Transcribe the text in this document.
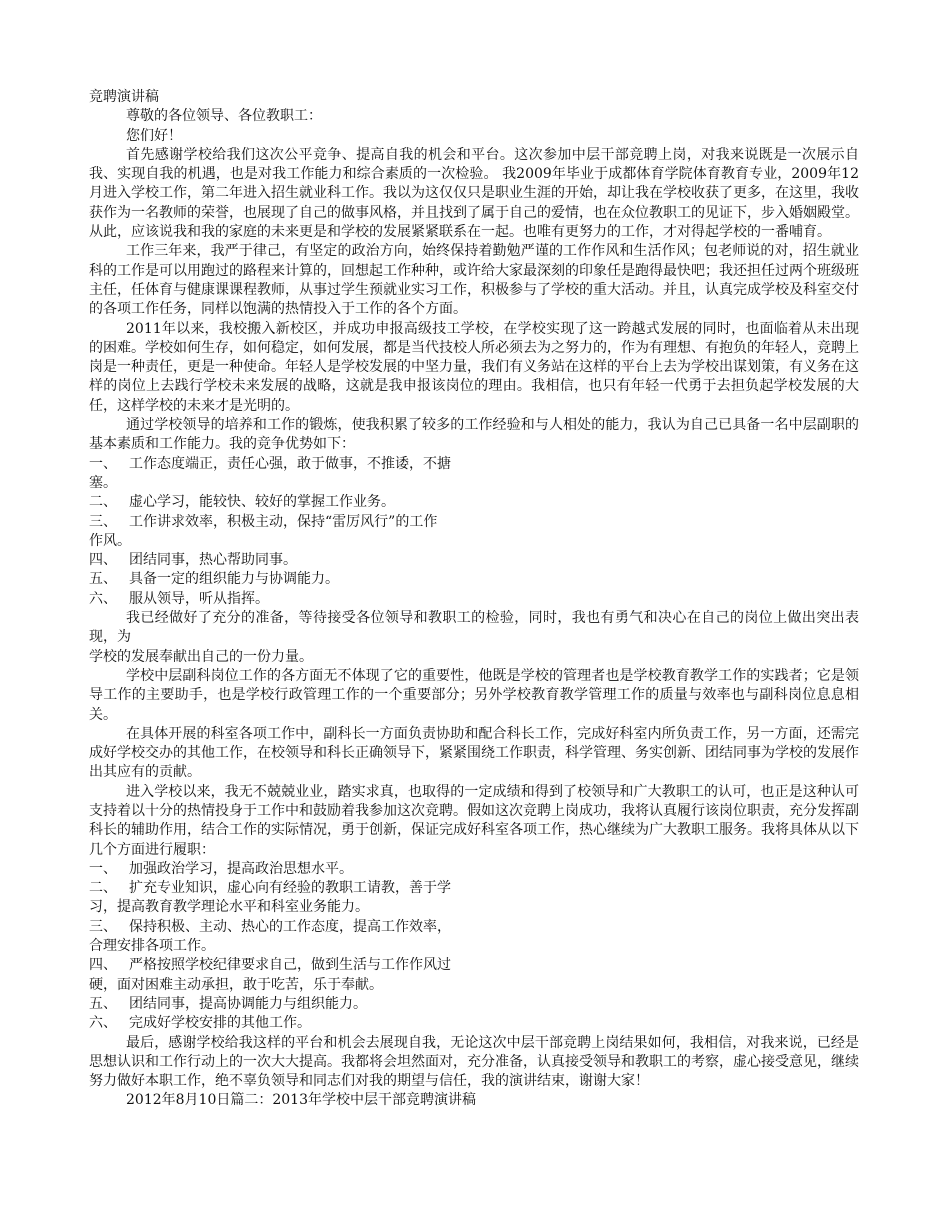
竞聘演讲稿

尊敬的各位领导、各位教职工：

您们好！

首先感谢学校给我们这次公平竞争、提高自我的机会和平台。这次参加中层干部竞聘上岗，对我来说既是一次展示自我、实现自我的机遇，也是对我工作能力和综合素质的一次检验。 我2009年毕业于成都体育学院体育教育专业，2009年12月进入学校工作，第二年进入招生就业科工作。我以为这仅仅只是职业生涯的开始，却让我在学校收获了更多，在这里，我收获作为一名教师的荣誉，也展现了自己的做事风格，并且找到了属于自己的爱情，也在众位教职工的见证下，步入婚姻殿堂。从此，应该说我和我的家庭的未来更是和学校的发展紧紧联系在一起。也唯有更努力的工作，才对得起学校的一番哺育。

工作三年来，我严于律己，有坚定的政治方向，始终保持着勤勉严谨的工作作风和生活作风；包老师说的对，招生就业科的工作是可以用跑过的路程来计算的，回想起工作种种，或许给大家最深刻的印象任是跑得最快吧；我还担任过两个班级班主任，任体育与健康课课程教师，从事过学生预就业实习工作，积极参与了学校的重大活动。并且，认真完成学校及科室交付的各项工作任务，同样以饱满的热情投入于工作的各个方面。

2011年以来，我校搬入新校区，并成功申报高级技工学校，在学校实现了这一跨越式发展的同时，也面临着从未出现的困难。学校如何生存，如何稳定，如何发展，都是当代技校人所必须去为之努力的，作为有理想、有抱负的年轻人，竞聘上岗是一种责任，更是一种使命。年轻人是学校发展的中坚力量，我们有义务站在这样的平台上去为学校出谋划策，有义务在这样的岗位上去践行学校未来发展的战略，这就是我申报该岗位的理由。我相信，也只有年轻一代勇于去担负起学校发展的大任，这样学校的未来才是光明的。

通过学校领导的培养和工作的锻炼，使我积累了较多的工作经验和与人相处的能力，我认为自己已具备一名中层副职的基本素质和工作能力。我的竞争优势如下：

一、 工作态度端正，责任心强，敢于做事，不推诿，不搪

塞。

二、 虚心学习，能较快、较好的掌握工作业务。

三、 工作讲求效率，积极主动，保持“雷厉风行”的工作

作风。

四、 团结同事，热心帮助同事。

五、 具备一定的组织能力与协调能力。

六、 服从领导，听从指挥。

我已经做好了充分的准备，等待接受各位领导和教职工的检验，同时，我也有勇气和决心在自己的岗位上做出突出表现，为

学校的发展奉献出自己的一份力量。

学校中层副科岗位工作的各方面无不体现了它的重要性，他既是学校的管理者也是学校教育教学工作的实践者；它是领导工作的主要助手，也是学校行政管理工作的一个重要部分；另外学校教育教学管理工作的质量与效率也与副科岗位息息相关。

在具体开展的科室各项工作中，副科长一方面负责协助和配合科长工作，完成好科室内所负责工作，另一方面，还需完成好学校交办的其他工作，在校领导和科长正确领导下，紧紧围绕工作职责，科学管理、务实创新、团结同事为学校的发展作出其应有的贡献。

进入学校以来，我无不兢兢业业，踏实求真，也取得的一定成绩和得到了校领导和广大教职工的认可，也正是这种认可支持着以十分的热情投身于工作中和鼓励着我参加这次竞聘。假如这次竞聘上岗成功，我将认真履行该岗位职责，充分发挥副科长的辅助作用，结合工作的实际情况，勇于创新，保证完成好科室各项工作，热心继续为广大教职工服务。我将具体从以下几个方面进行履职：

一、 加强政治学习，提高政治思想水平。

二、 扩充专业知识，虚心向有经验的教职工请教，善于学

习，提高教育教学理论水平和科室业务能力。

三、 保持积极、主动、热心的工作态度，提高工作效率，

合理安排各项工作。

四、 严格按照学校纪律要求自己，做到生活与工作作风过

硬，面对困难主动承担，敢于吃苦，乐于奉献。

五、 团结同事，提高协调能力与组织能力。

六、 完成好学校安排的其他工作。

最后，感谢学校给我这样的平台和机会去展现自我，无论这次中层干部竞聘上岗结果如何，我相信，对我来说，已经是思想认识和工作行动上的一次大大提高。我都将会坦然面对，充分准备，认真接受领导和教职工的考察，虚心接受意见，继续努力做好本职工作，绝不辜负领导和同志们对我的期望与信任，我的演讲结束，谢谢大家！

2012年8月10日篇二：2013年学校中层干部竞聘演讲稿
